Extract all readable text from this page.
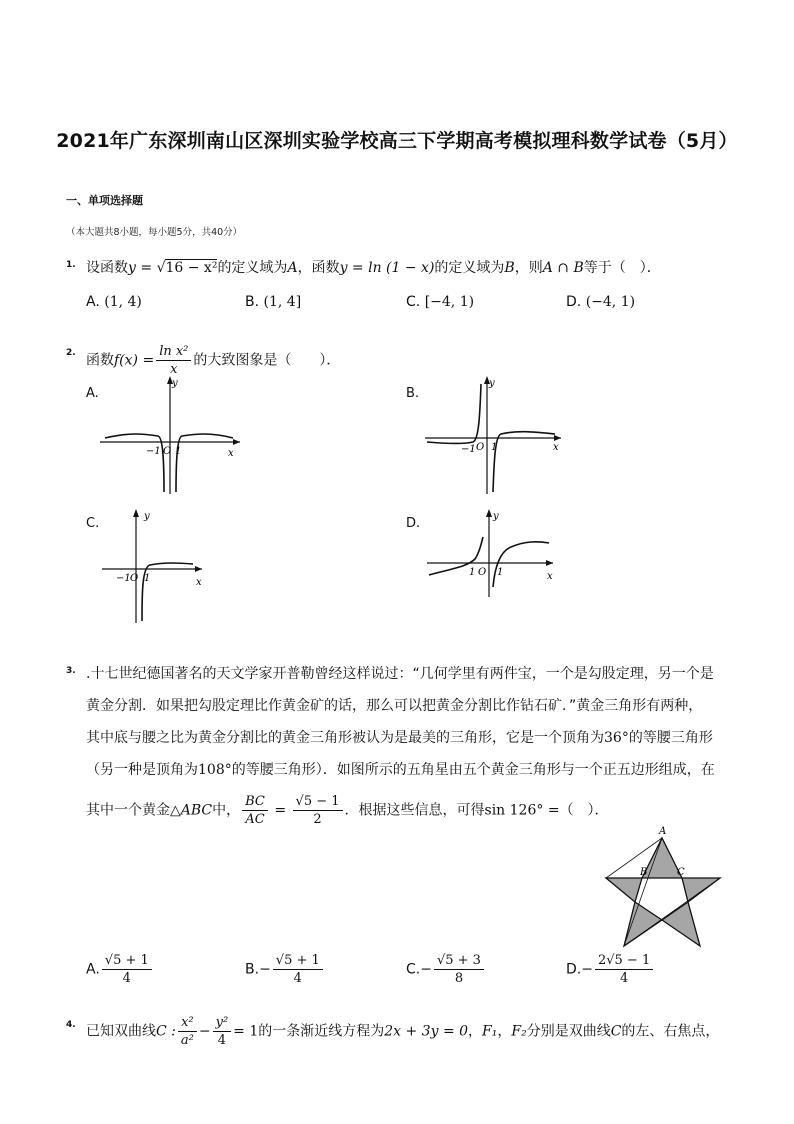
2021年广东深圳南山区深圳实验学校高三下学期高考模拟理科数学试卷（5月）
一、单项选择题
（本大题共8小题，每小题5分，共40分）
1. 设函数y = √16 − x²的定义域为A，函数y = ln (1 − x)的定义域为B，则A ∩ B等于（　）．
A. (1, 4)	B. (1, 4]	C. [−4, 1)	D. (−4, 1)
2. 函数$f(x) = \frac{\text{ln x²}}{x}$ 的大致图象是（　　）．
A.
y
x
−1 O 1
B.
y
x
−1 O 1
C.	y
x
−1 O 1
D.	y
x
1 O 1
3. .十七世纪德国著名的天文学家开普勒曾经这样说过：“几何学里有两件宝，一个是勾股定理，另一个是
黄金分割．如果把勾股定理比作黄金矿的话，那么可以把黄金分割比作钻石矿．”黄金三角形有两种，
其中底与腰之比为黄金分割比的黄金三角形被认为是最美的三角形，它是一个顶角为36°的等腰三角形
（另一种是顶角为108°的等腰三角形）．如图所示的五角星由五个黄金三角形与一个正五边形组成，在
其中一个黄金△ABC中， $\frac{BC}{AC} = \frac{√5 - 1}{2}$ ．根据这些信息，可得sin 126° =（　）．
A
B	C
A. $\frac{√5 + 1}{4}$	$B.- \frac{√5 + 1}{4}$	$C.- \frac{√5 + 3}{8}$	$D.- \frac{2√5 - 1}{4}$
4. 已知双曲线C : $\frac{\text{x²}}{\text{a²}} - \frac{\text{y²}}{4} = 1$的一条渐近线方程为2x + 3y = 0，F₁，F₂分别是双曲线C的左、右焦点，
